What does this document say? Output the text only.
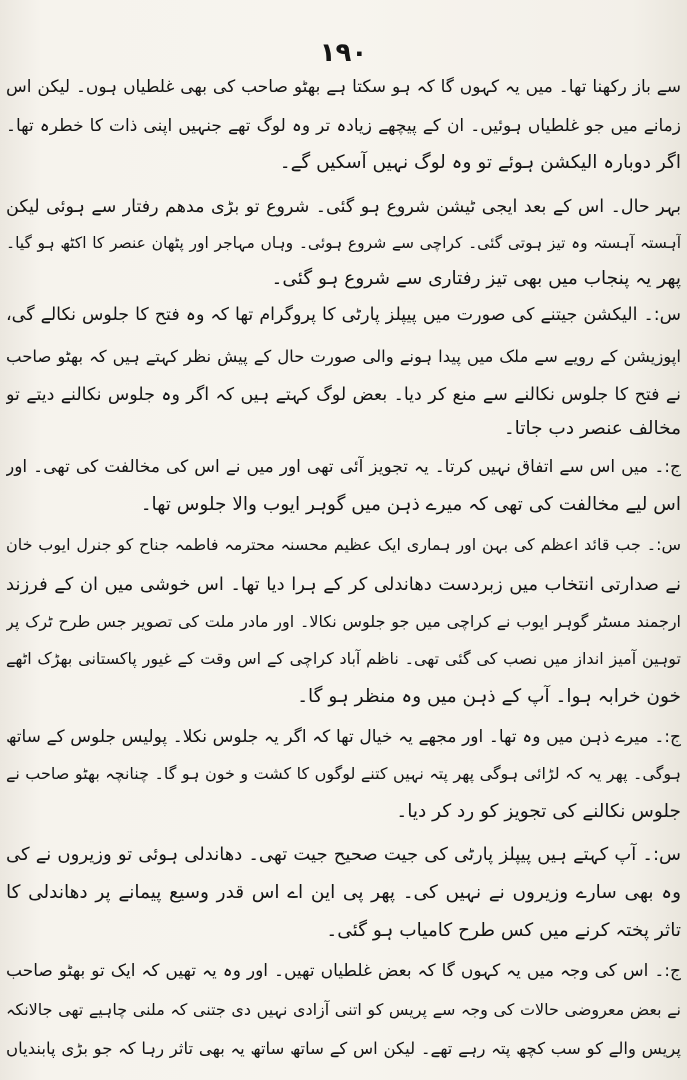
۱۹۰
سے باز رکھنا تھا۔ میں یہ کہوں گا کہ ہو سکتا ہے بھٹو صاحب کی بھی غلطیاں ہوں۔ لیکن اس
زمانے میں جو غلطیاں ہوئیں۔ ان کے پیچھے زیادہ تر وہ لوگ تھے جنہیں اپنی ذات کا خطرہ تھا۔
اگر دوبارہ الیکشن ہوئے تو وہ لوگ نہیں آسکیں گے۔
بہر حال۔ اس کے بعد ایجی ٹیشن شروع ہو گئی۔ شروع تو بڑی مدھم رفتار سے ہوئی لیکن
آہستہ آہستہ وہ تیز ہوتی گئی۔ کراچی سے شروع ہوئی۔ وہاں مہاجر اور پٹھان عنصر کا اکٹھ ہو گیا۔
پھر یہ پنجاب میں بھی تیز رفتاری سے شروع ہو گئی۔
س:۔ الیکشن جیتنے کی صورت میں پیپلز پارٹی کا پروگرام تھا کہ وہ فتح کا جلوس نکالے گی،
اپوزیشن کے رویے سے ملک میں پیدا ہونے والی صورت حال کے پیش نظر کہتے ہیں کہ بھٹو صاحب
نے فتح کا جلوس نکالنے سے منع کر دیا۔ بعض لوگ کہتے ہیں کہ اگر وہ جلوس نکالنے دیتے تو
مخالف عنصر دب جاتا۔
ج:۔ میں اس سے اتفاق نہیں کرتا۔ یہ تجویز آئی تھی اور میں نے اس کی مخالفت کی تھی۔ اور
اس لیے مخالفت کی تھی کہ میرے ذہن میں گوہر ایوب والا جلوس تھا۔
س:۔ جب قائد اعظم کی بہن اور ہماری ایک عظیم محسنہ محترمہ فاطمہ جناح کو جنرل ایوب خان
نے صدارتی انتخاب میں زبردست دھاندلی کر کے ہرا دیا تھا۔ اس خوشی میں ان کے فرزند
ارجمند مسٹر گوہر ایوب نے کراچی میں جو جلوس نکالا۔ اور مادر ملت کی تصویر جس طرح ٹرک پر
توہین آمیز انداز میں نصب کی گئی تھی۔ ناظم آباد کراچی کے اس وقت کے غیور پاکستانی بھڑک اٹھے
خون خرابہ ہوا۔ آپ کے ذہن میں وہ منظر ہو گا۔
ج:۔ میرے ذہن میں وہ تھا۔ اور مجھے یہ خیال تھا کہ اگر یہ جلوس نکلا۔ پولیس جلوس کے ساتھ
ہوگی۔ پھر یہ کہ لڑائی ہوگی پھر پتہ نہیں کتنے لوگوں کا کشت و خون ہو گا۔ چنانچہ بھٹو صاحب نے
جلوس نکالنے کی تجویز کو رد کر دیا۔
س:۔ آپ کہتے ہیں پیپلز پارٹی کی جیت صحیح جیت تھی۔ دھاندلی ہوئی تو وزیروں نے کی
وہ بھی سارے وزیروں نے نہیں کی۔ پھر پی این اے اس قدر وسیع پیمانے پر دھاندلی کا
تاثر پختہ کرنے میں کس طرح کامیاب ہو گئی۔
ج:۔ اس کی وجہ میں یہ کہوں گا کہ بعض غلطیاں تھیں۔ اور وہ یہ تھیں کہ ایک تو بھٹو صاحب
نے بعض معروضی حالات کی وجہ سے پریس کو اتنی آزادی نہیں دی جتنی کہ ملنی چاہیے تھی جالانکہ
پریس والے کو سب کچھ پتہ رہے تھے۔ لیکن اس کے ساتھ ساتھ یہ بھی تاثر رہا کہ جو بڑی پابندیاں
